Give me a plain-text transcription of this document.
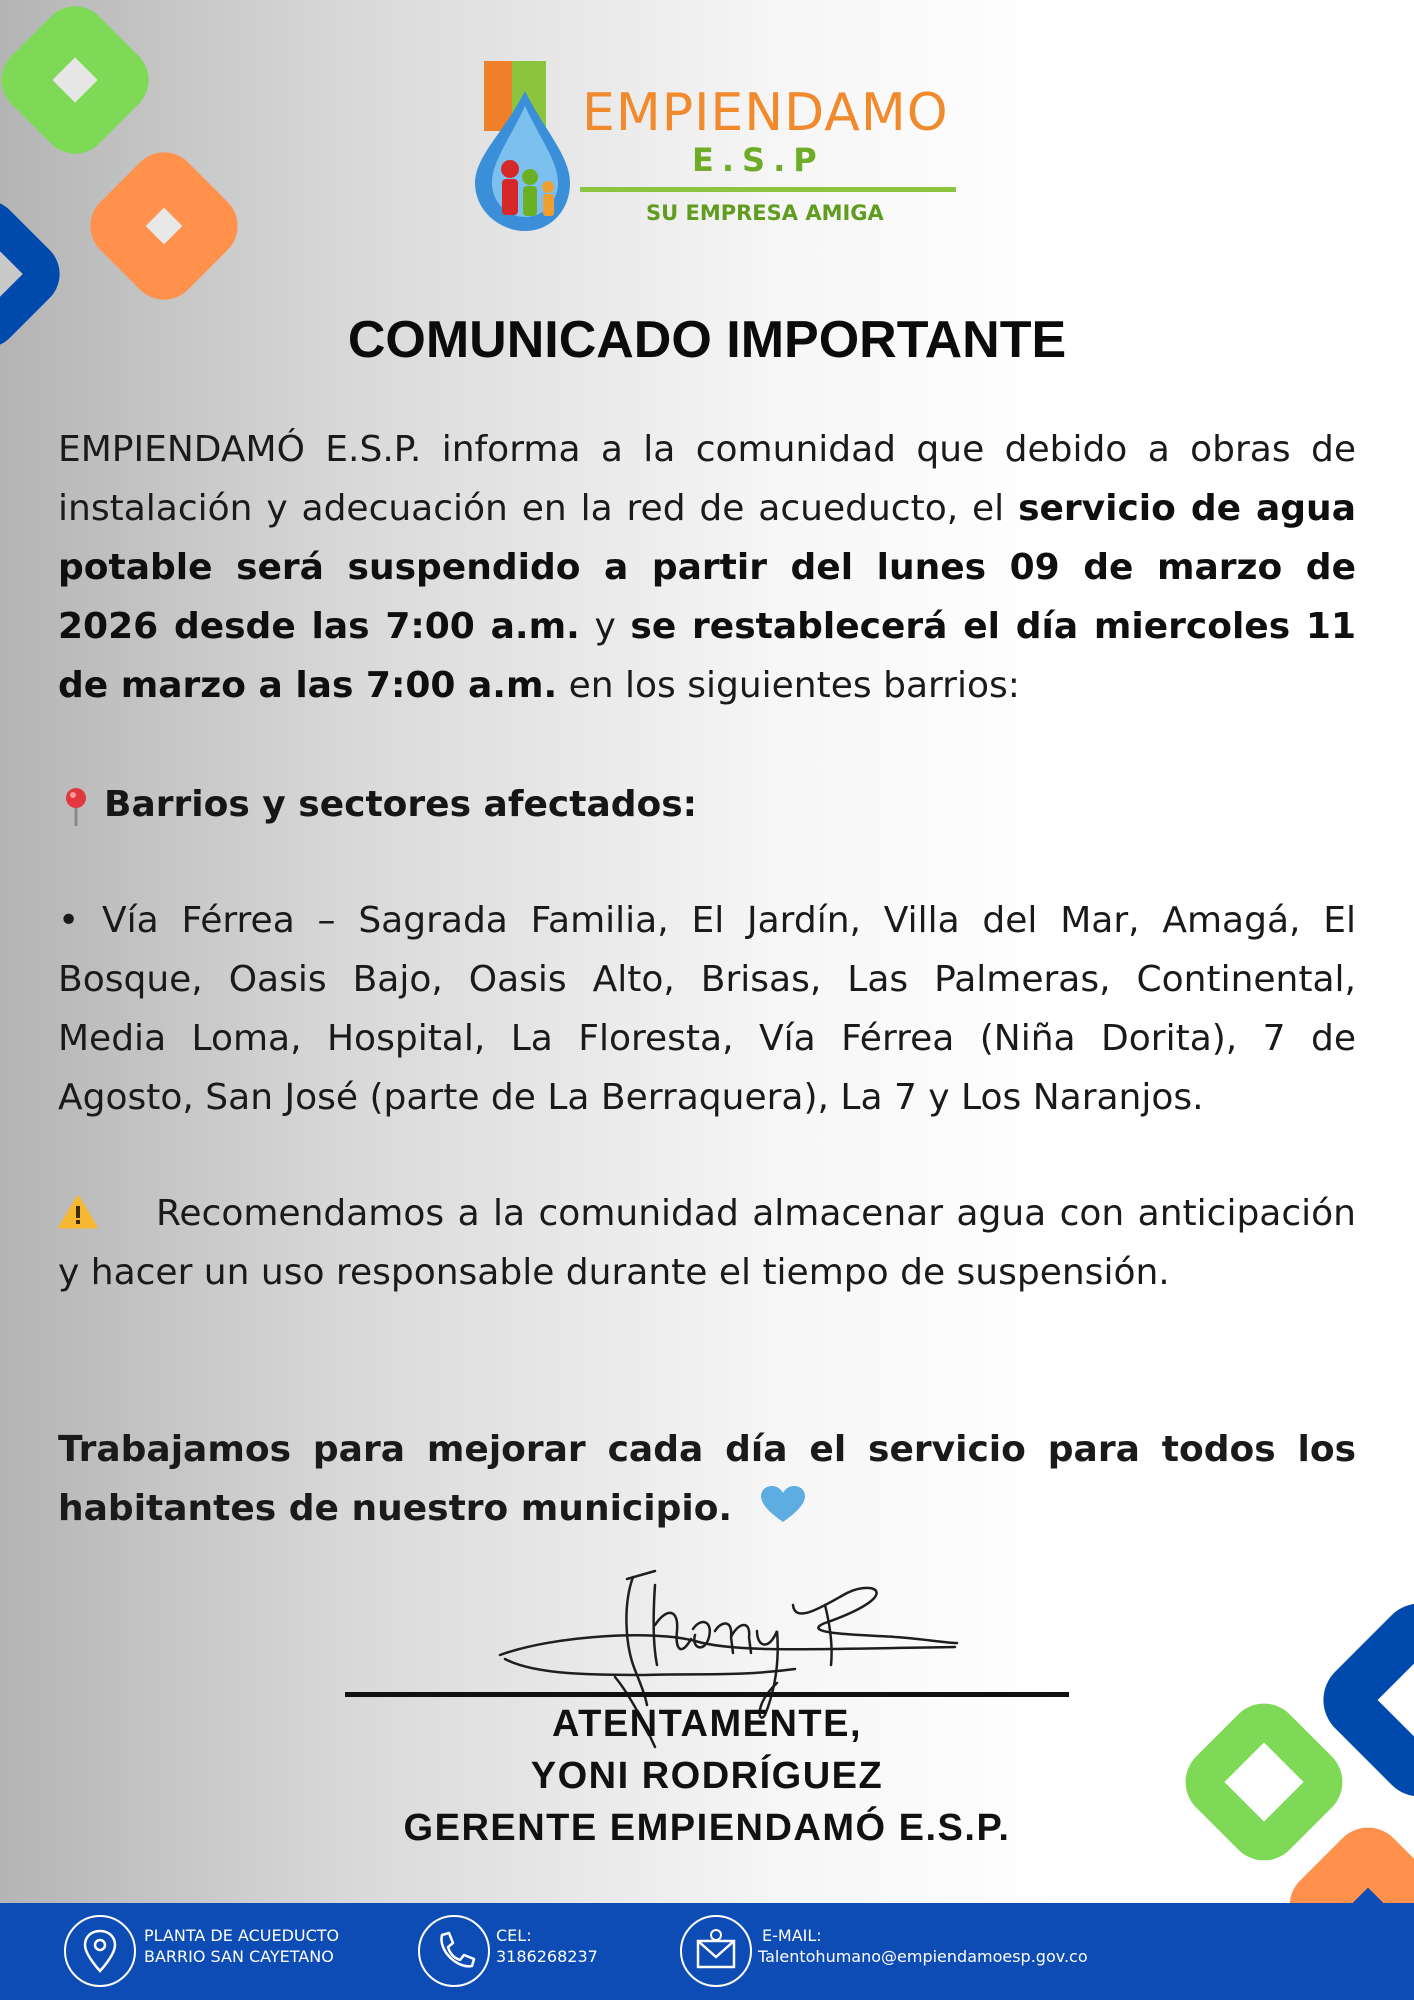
EMPIENDAMO
E.S.P
SU EMPRESA AMIGA
COMUNICADO IMPORTANTE
EMPIENDAMÓ E.S.P. informa a la comunidad que debido a obras de instalación y adecuación en la red de acueducto, el servicio de agua potable será suspendido a partir del lunes 09 de marzo de 2026 desde las 7:00 a.m. y se restablecerá el día miercoles 11 de marzo a las 7:00 a.m. en los siguientes barrios:
Barrios y sectores afectados:
• Vía Férrea – Sagrada Familia, El Jardín, Villa del Mar, Amagá, El Bosque, Oasis Bajo, Oasis Alto, Brisas, Las Palmeras, Continental, Media Loma, Hospital, La Floresta, Vía Férrea (Niña Dorita), 7 de Agosto, San José (parte de La Berraquera), La 7 y Los Naranjos.
Recomendamos a la comunidad almacenar agua con anticipación y hacer un uso responsable durante el tiempo de suspensión.
Trabajamos para mejorar cada día el servicio para todos los habitantes de nuestro municipio.
Jhonny R
ATENTAMENTE,
YONI RODRÍGUEZ
GERENTE EMPIENDAMÓ E.S.P.
PLANTA DE ACUEDUCTO
BARRIO SAN CAYETANO
CEL:
3186268237
E-MAIL:
Talentohumano@empiendamoesp.gov.co
